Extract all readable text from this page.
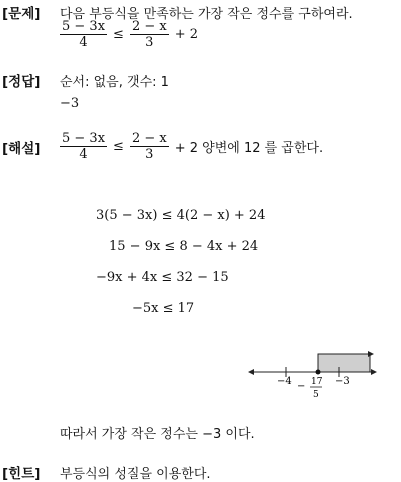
[문제] 다음 부등식을 만족하는 가장 작은 정수를 구하여라.
$\frac{5 - 3x}{4} \le \frac{2 - x}{3} + 2$
[정답] 순서: 없음, 갯수: 1
−3
[해설] $\frac{5 - 3x}{4} \le \frac{2 - x}{3} + 2$ 양변에 12 를 곱한다.
3(5 − 3x) ≤ 4(2 − x) + 24
15 − 9x ≤ 8 − 4x + 24
−9x + 4x ≤ 32 − 15
−5x ≤ 17
−4 − 17
5
−3
따라서 가장 작은 정수는 −3 이다.
[힌트] 부등식의 성질을 이용한다.
